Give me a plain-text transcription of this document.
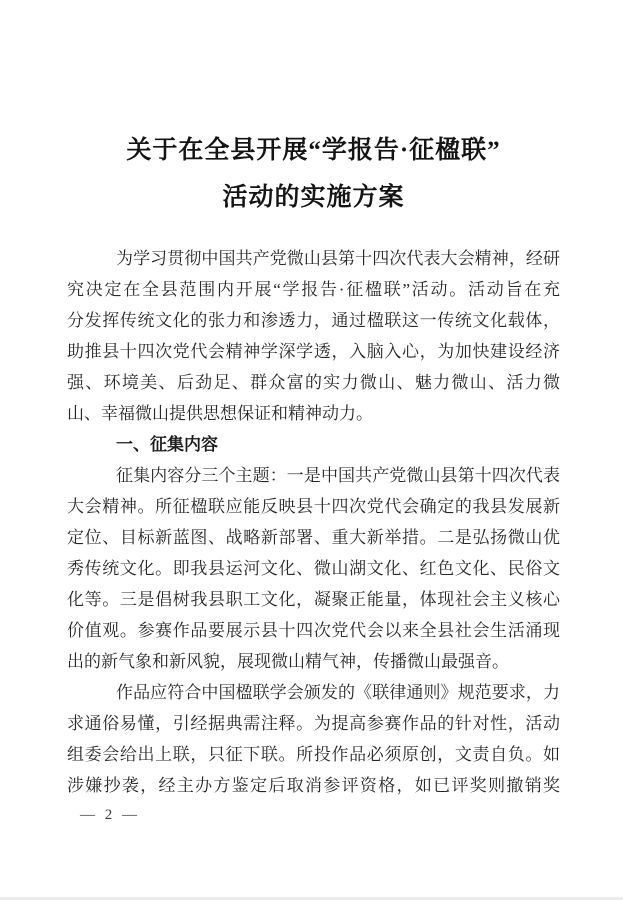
关于在全县开展“学报告·征楹联”
活动的实施方案
为学习贯彻中国共产党微山县第十四次代表大会精神，经研
究决定在全县范围内开展“学报告·征楹联”活动。活动旨在充
分发挥传统文化的张力和渗透力，通过楹联这一传统文化载体，
助推县十四次党代会精神学深学透，入脑入心，为加快建设经济
强、环境美、后劲足、群众富的实力微山、魅力微山、活力微
山、幸福微山提供思想保证和精神动力。
一、征集内容
征集内容分三个主题：一是中国共产党微山县第十四次代表
大会精神。所征楹联应能反映县十四次党代会确定的我县发展新
定位、目标新蓝图、战略新部署、重大新举措。二是弘扬微山优
秀传统文化。即我县运河文化、微山湖文化、红色文化、民俗文
化等。三是倡树我县职工文化，凝聚正能量，体现社会主义核心
价值观。参赛作品要展示县十四次党代会以来全县社会生活涌现
出的新气象和新风貌，展现微山精气神，传播微山最强音。
作品应符合中国楹联学会颁发的《联律通则》规范要求，力
求通俗易懂，引经据典需注释。为提高参赛作品的针对性，活动
组委会给出上联，只征下联。所投作品必须原创，文责自负。如
涉嫌抄袭，经主办方鉴定后取消参评资格，如已评奖则撤销奖
— 2 —
